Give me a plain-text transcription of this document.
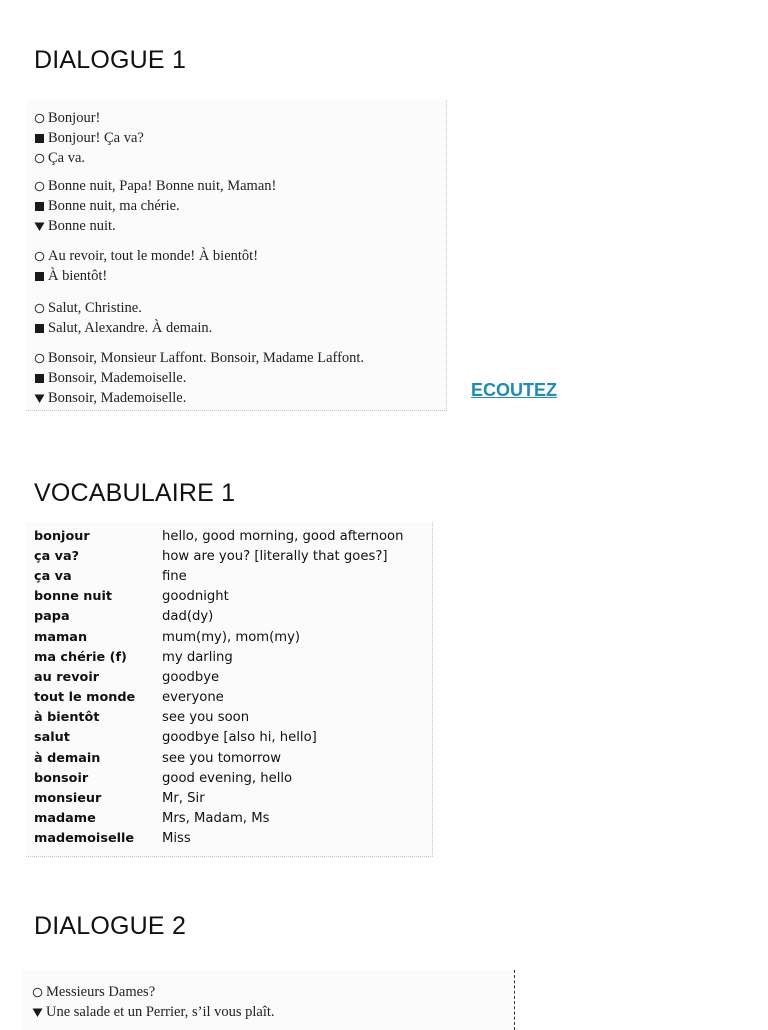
DIALOGUE 1
Bonjour!
Bonjour! Ça va?
Ça va.
Bonne nuit, Papa! Bonne nuit, Maman!
Bonne nuit, ma chérie.
Bonne nuit.
Au revoir, tout le monde! À bientôt!
À bientôt!
Salut, Christine.
Salut, Alexandre. À demain.
Bonsoir, Monsieur Laffont. Bonsoir, Madame Laffont.
Bonsoir, Mademoiselle.
Bonsoir, Mademoiselle.	ECOUTEZ
VOCABULAIRE 1
bonjour	hello, good morning, good afternoon
ça va?	how are you? [literally that goes?]
ça va	fine
bonne nuit	goodnight
papa	dad(dy)
maman	mum(my), mom(my)
ma chérie (f)	my darling
au revoir	goodbye
tout le monde	everyone
à bientôt	see you soon
salut	goodbye [also hi, hello]
à demain	see you tomorrow
bonsoir	good evening, hello
monsieur	Mr, Sir
madame	Mrs, Madam, Ms
mademoiselle	Miss
DIALOGUE 2
Messieurs Dames?
Une salade et un Perrier, s’il vous plaît.
